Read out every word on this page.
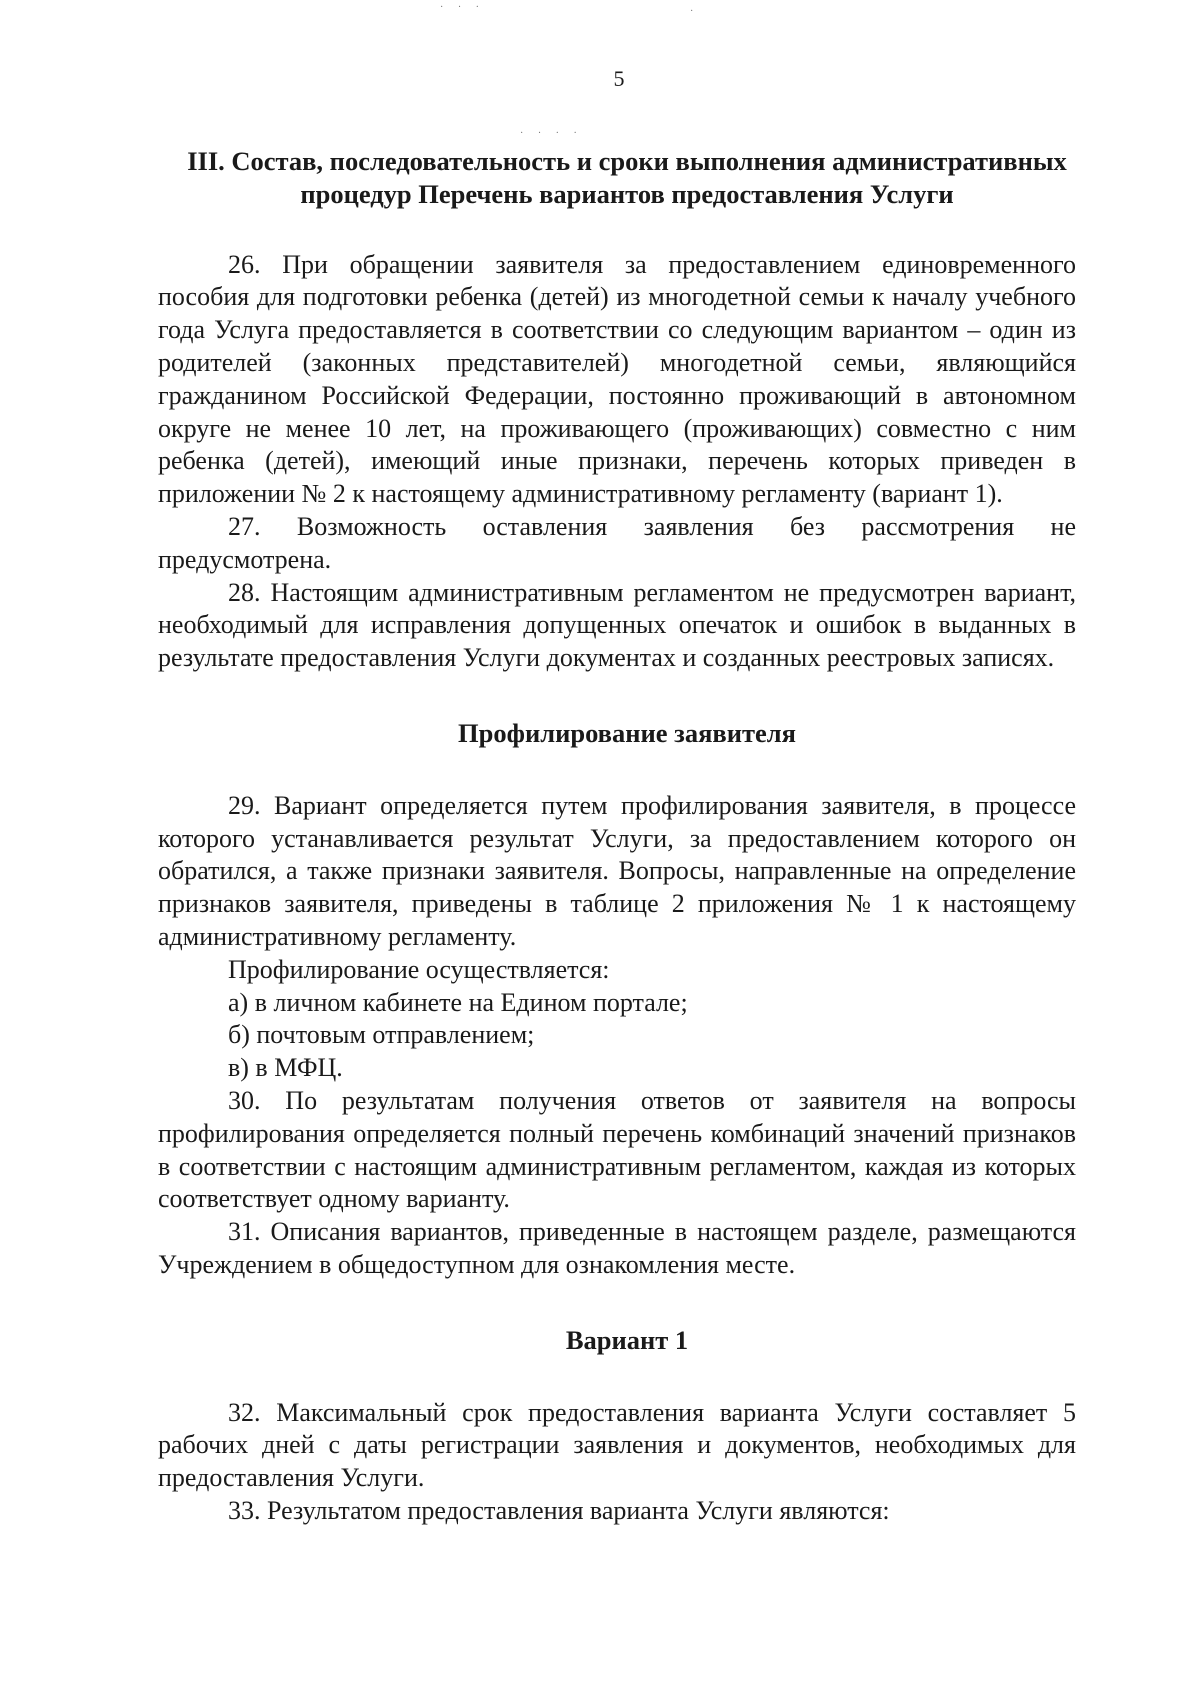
5
III. Состав, последовательность и сроки выполнения административных процедур Перечень вариантов предоставления Услуги

26. При обращении заявителя за предоставлением единовременного пособия для подготовки ребенка (детей) из многодетной семьи к началу учебного года Услуга предоставляется в соответствии со следующим вариантом – один из родителей (законных представителей) многодетной семьи, являющийся гражданином Российской Федерации, постоянно проживающий в автономном округе не менее 10 лет, на проживающего (проживающих) совместно с ним ребенка (детей), имеющий иные признаки, перечень которых приведен в приложении № 2 к настоящему административному регламенту (вариант 1).

27. Возможность оставления заявления без рассмотрения не предусмотрена.

28. Настоящим административным регламентом не предусмотрен вариант, необходимый для исправления допущенных опечаток и ошибок в выданных в результате предоставления Услуги документах и созданных реестровых записях.

Профилирование заявителя

29. Вариант определяется путем профилирования заявителя, в процессе которого устанавливается результат Услуги, за предоставлением которого он обратился, а также признаки заявителя. Вопросы, направленные на определение признаков заявителя, приведены в таблице 2 приложения № 1 к настоящему административному регламенту.

Профилирование осуществляется:

а) в личном кабинете на Едином портале;

б) почтовым отправлением;

в) в МФЦ.

30. По результатам получения ответов от заявителя на вопросы профилирования определяется полный перечень комбинаций значений признаков в соответствии с настоящим административным регламентом, каждая из которых соответствует одному варианту.

31. Описания вариантов, приведенные в настоящем разделе, размещаются Учреждением в общедоступном для ознакомления месте.

Вариант 1

32. Максимальный срок предоставления варианта Услуги составляет 5 рабочих дней с даты регистрации заявления и документов, необходимых для предоставления Услуги.

33. Результатом предоставления варианта Услуги являются:

· · ·	·
· · · ·
